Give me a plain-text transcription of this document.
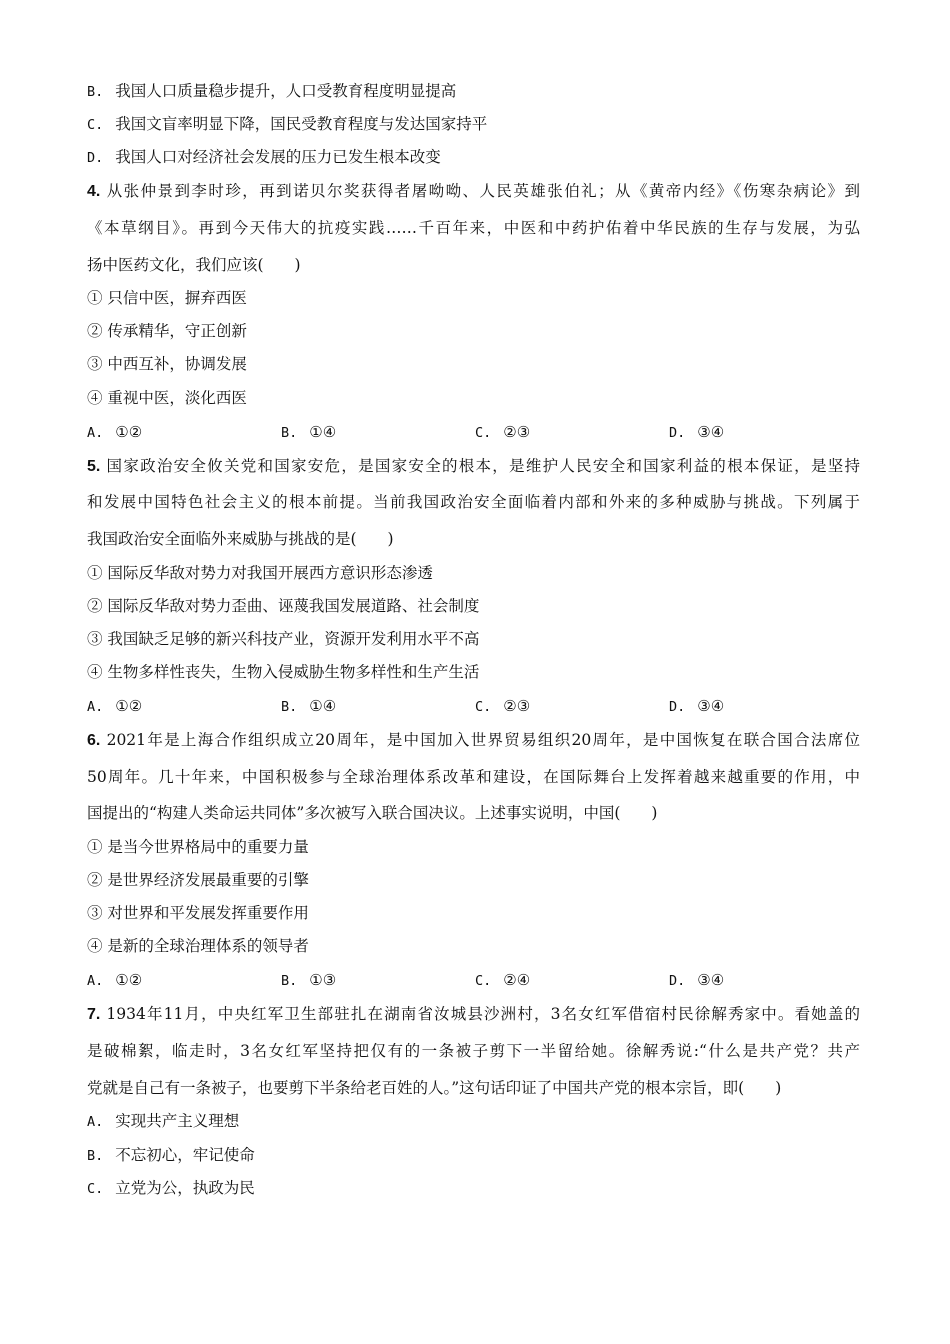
B. 我国人口质量稳步提升，人口受教育程度明显提高
C. 我国文盲率明显下降，国民受教育程度与发达国家持平
D. 我国人口对经济社会发展的压力已发生根本改变
4. 从张仲景到李时珍，再到诺贝尔奖获得者屠呦呦、人民英雄张伯礼；从《黄帝内经》《伤寒杂病论》到
《本草纲目》。再到今天伟大的抗疫实践……千百年来，中医和中药护佑着中华民族的生存与发展，为弘
扬中医药文化，我们应该(　　)
① 只信中医，摒弃西医
② 传承精华，守正创新
③ 中西互补，协调发展
④ 重视中医，淡化西医
A. ①②	B. ①④	C. ②③	D. ③④
5. 国家政治安全攸关党和国家安危，是国家安全的根本，是维护人民安全和国家利益的根本保证，是坚持
和发展中国特色社会主义的根本前提。当前我国政治安全面临着内部和外来的多种威胁与挑战。下列属于
我国政治安全面临外来威胁与挑战的是(　　)
① 国际反华敌对势力对我国开展西方意识形态渗透
② 国际反华敌对势力歪曲、诬蔑我国发展道路、社会制度
③ 我国缺乏足够的新兴科技产业，资源开发利用水平不高
④ 生物多样性丧失，生物入侵威胁生物多样性和生产生活
A. ①②	B. ①④	C. ②③	D. ③④
6. 2021年是上海合作组织成立20周年，是中国加入世界贸易组织20周年，是中国恢复在联合国合法席位
50周年。几十年来，中国积极参与全球治理体系改革和建设，在国际舞台上发挥着越来越重要的作用，中
国提出的“构建人类命运共同体”多次被写入联合国决议。上述事实说明，中国(　　)
① 是当今世界格局中的重要力量
② 是世界经济发展最重要的引擎
③ 对世界和平发展发挥重要作用
④ 是新的全球治理体系的领导者
A. ①②	B. ①③	C. ②④	D. ③④
7. 1934年11月，中央红军卫生部驻扎在湖南省汝城县沙洲村，3名女红军借宿村民徐解秀家中。看她盖的
是破棉絮，临走时，3名女红军坚持把仅有的一条被子剪下一半留给她。徐解秀说:“什么是共产党？共产
党就是自己有一条被子，也要剪下半条给老百姓的人。”这句话印证了中国共产党的根本宗旨，即(　　)
A. 实现共产主义理想
B. 不忘初心，牢记使命
C. 立党为公，执政为民
